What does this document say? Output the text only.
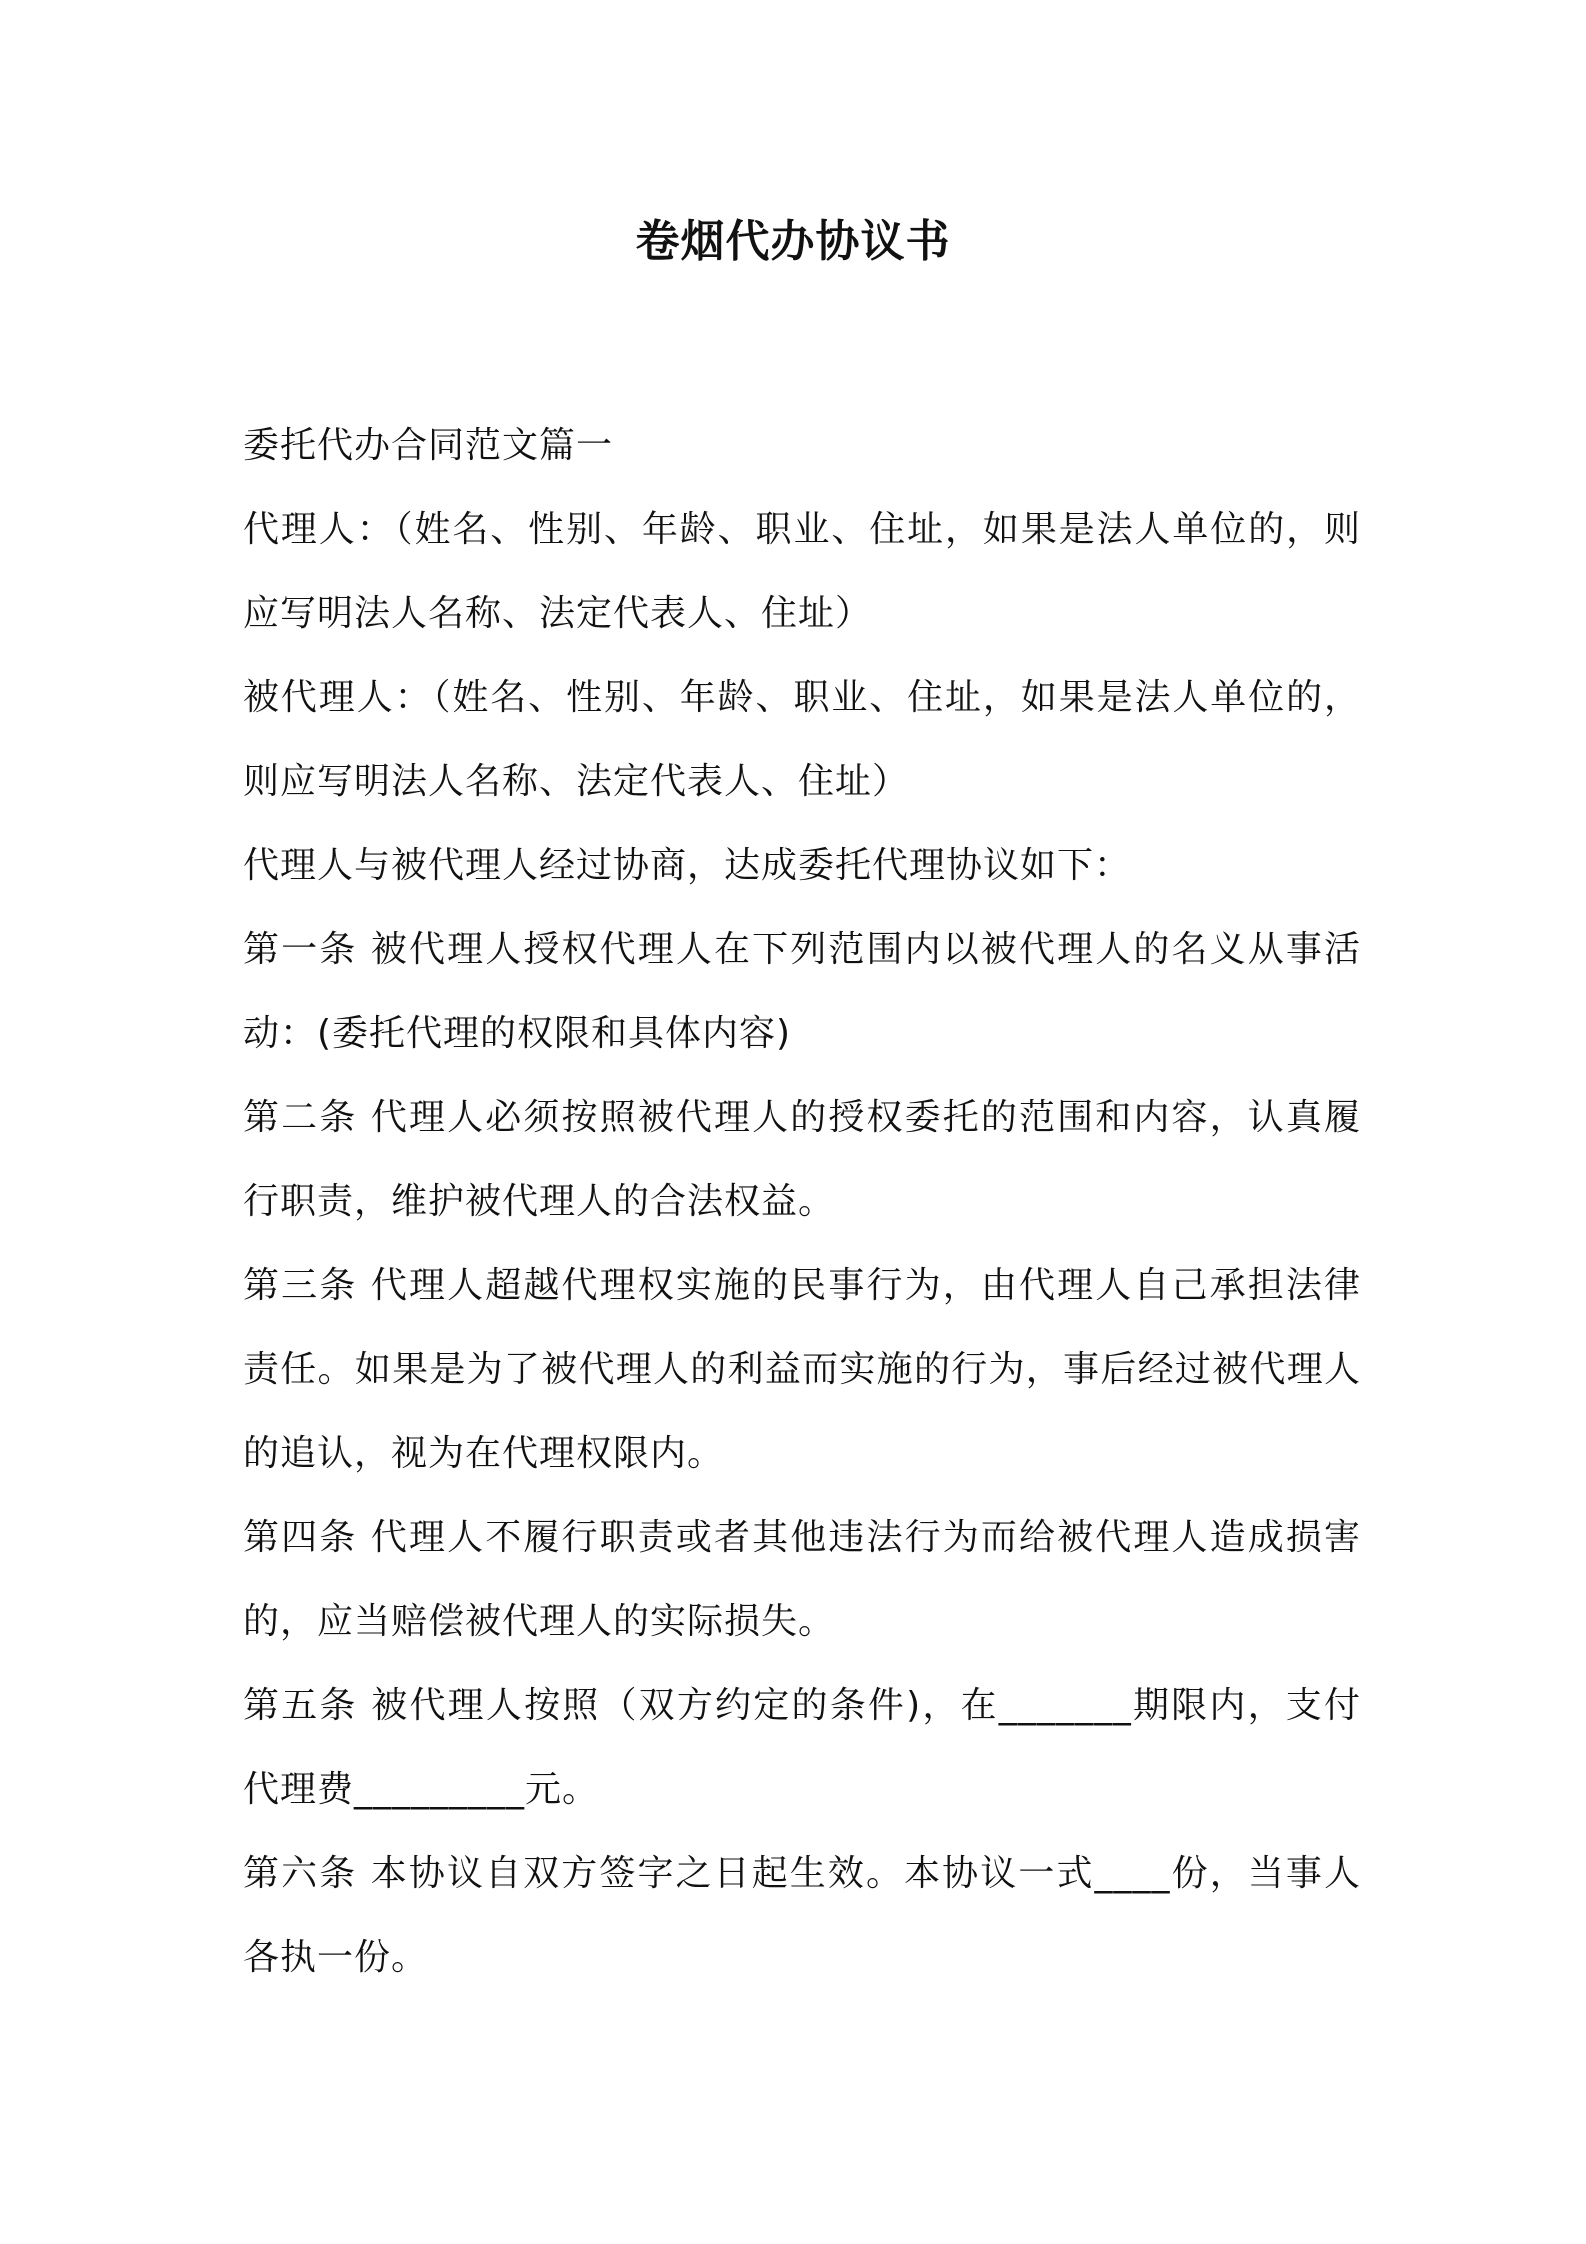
卷烟代办协议书

委托代办合同范文篇一

代理人：（姓名、性别、年龄、职业、住址，如果是法人单位的，则应写明法人名称、法定代表人、住址）

被代理人：（姓名、性别、年龄、职业、住址，如果是法人单位的，则应写明法人名称、法定代表人、住址）

代理人与被代理人经过协商，达成委托代理协议如下：

第一条 被代理人授权代理人在下列范围内以被代理人的名义从事活动：(委托代理的权限和具体内容)

第二条 代理人必须按照被代理人的授权委托的范围和内容，认真履行职责，维护被代理人的合法权益。

第三条 代理人超越代理权实施的民事行为，由代理人自己承担法律责任。如果是为了被代理人的利益而实施的行为，事后经过被代理人的追认，视为在代理权限内。

第四条 代理人不履行职责或者其他违法行为而给被代理人造成损害的，应当赔偿被代理人的实际损失。

第五条 被代理人按照（双方约定的条件)，在_______期限内，支付代理费_________元。

第六条 本协议自双方签字之日起生效。本协议一式____份，当事人各执一份。
